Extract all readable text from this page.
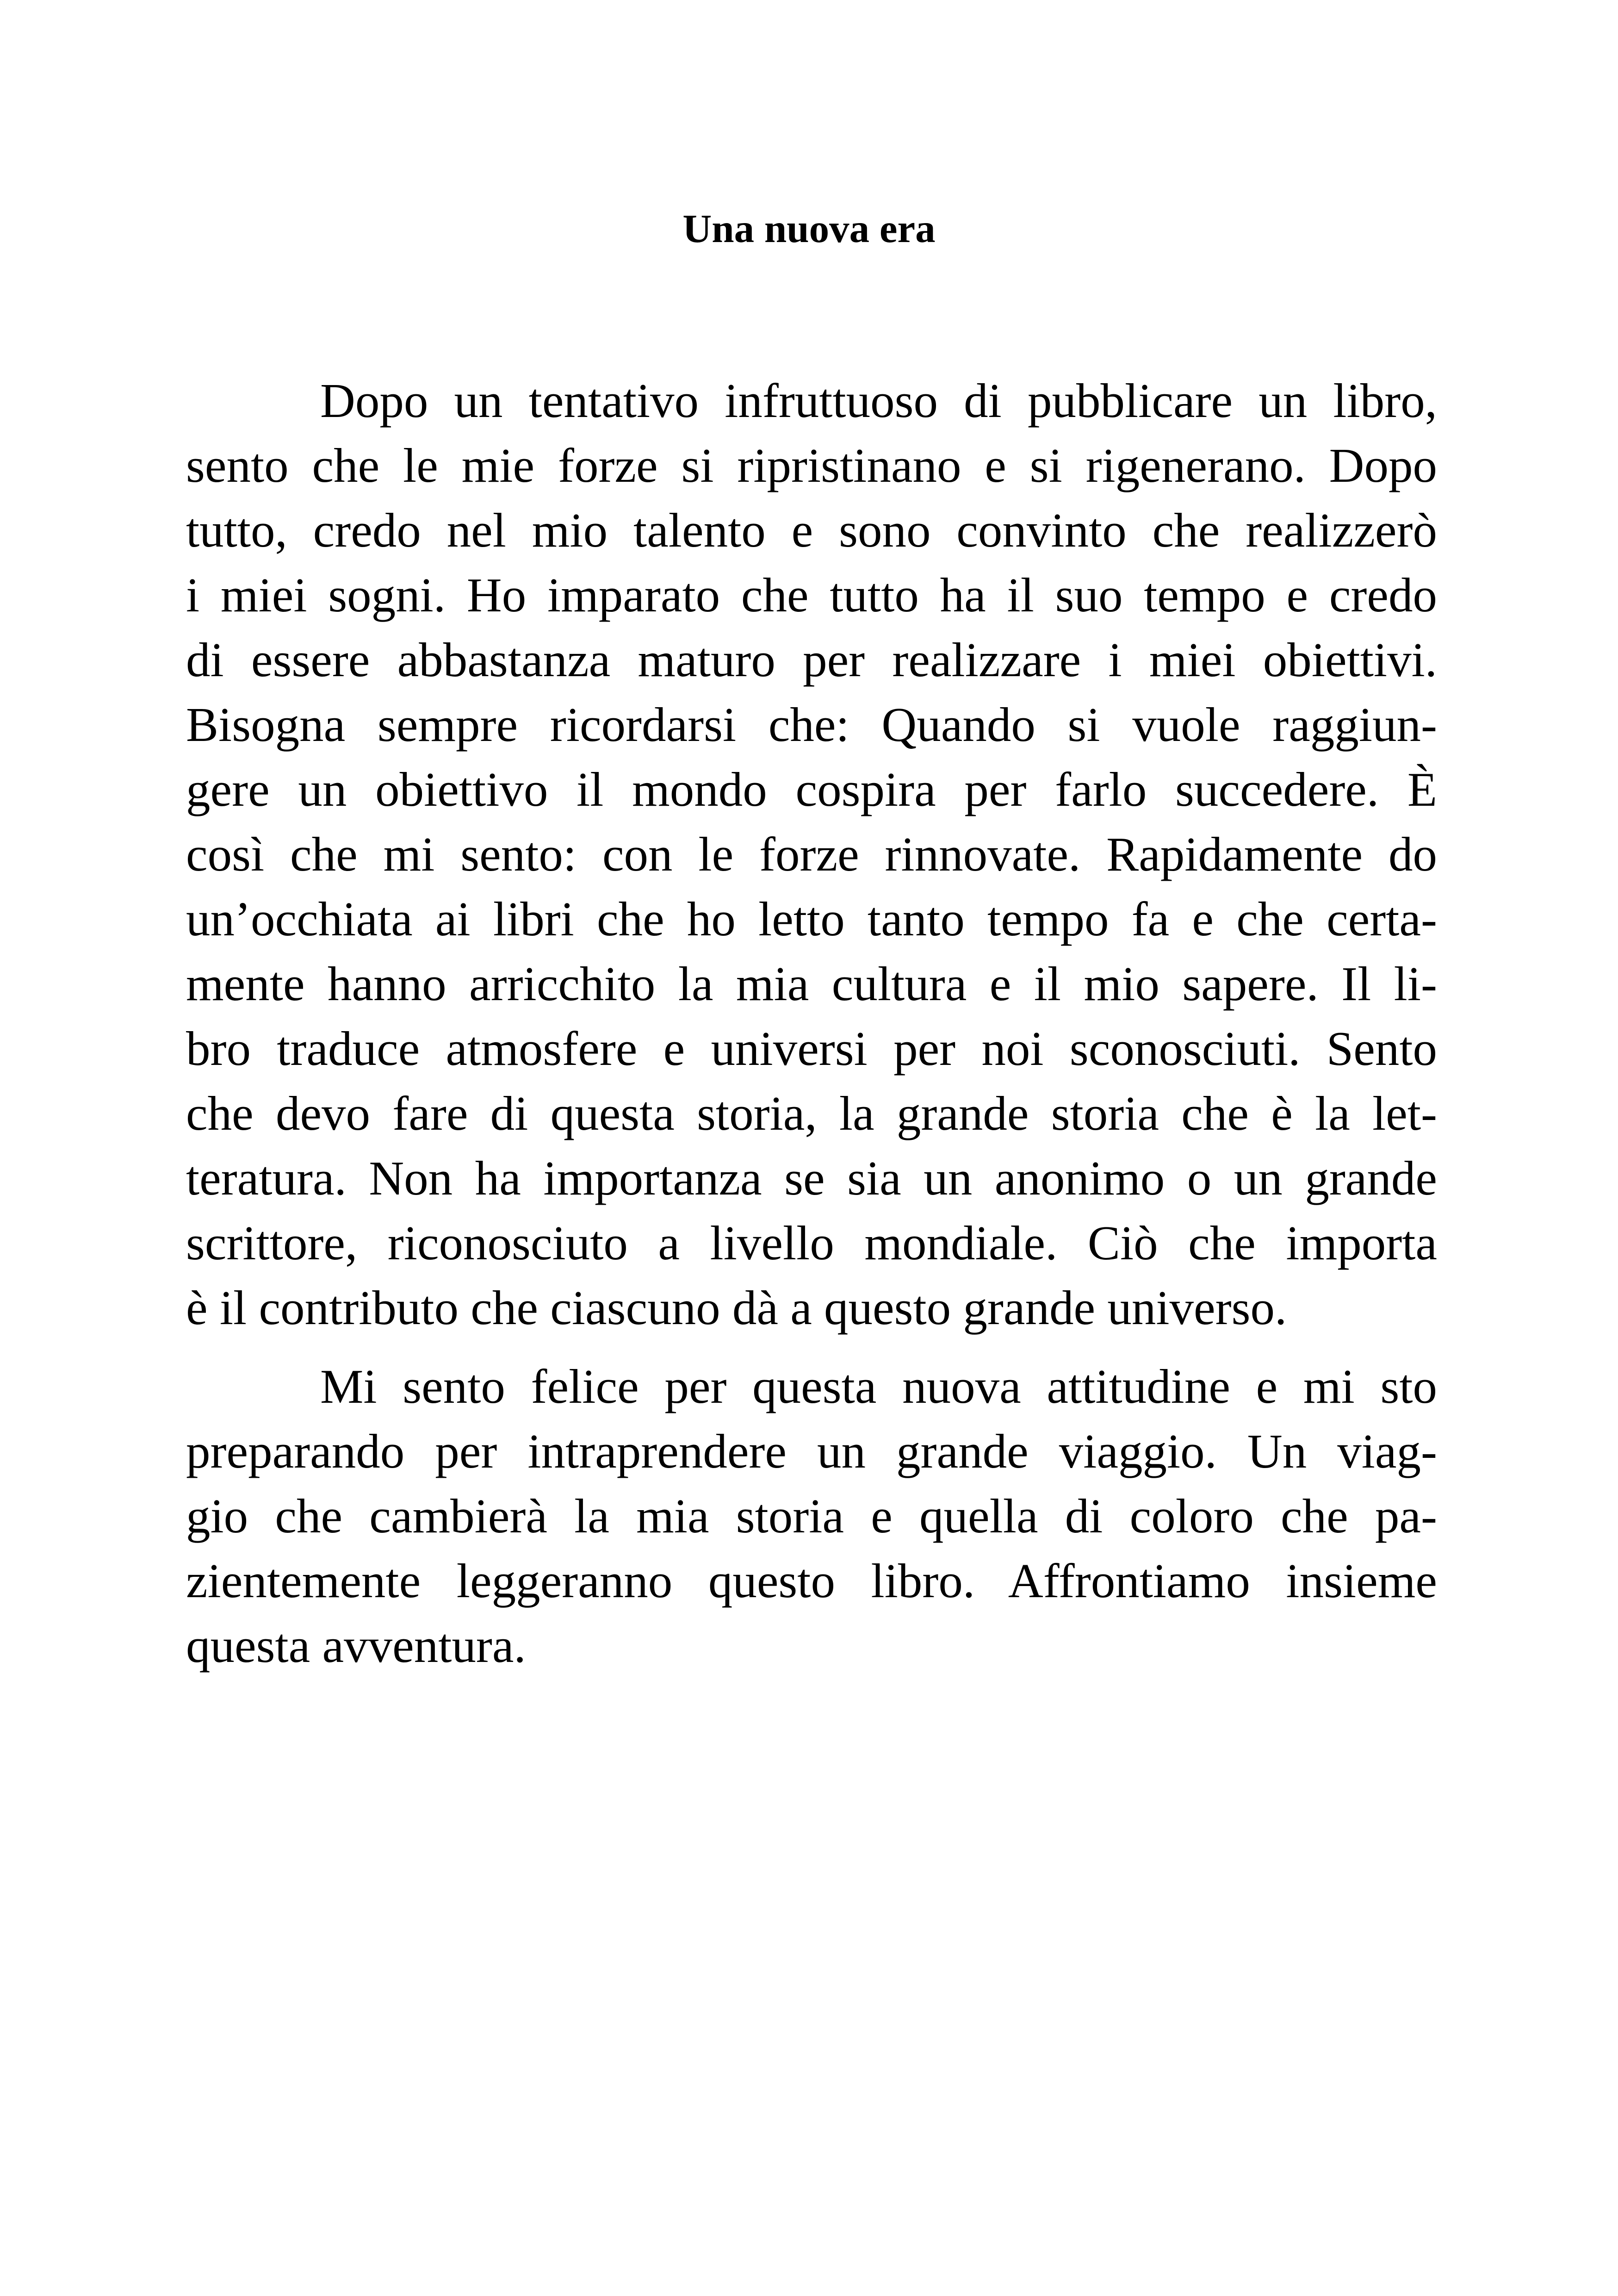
Una nuova era
Dopo un tentativo infruttuoso di pubblicare un libro,
sento che le mie forze si ripristinano e si rigenerano. Dopo
tutto, credo nel mio talento e sono convinto che realizzerò
i miei sogni. Ho imparato che tutto ha il suo tempo e credo
di essere abbastanza maturo per realizzare i miei obiettivi.
Bisogna sempre ricordarsi che: Quando si vuole raggiun-
gere un obiettivo il mondo cospira per farlo succedere. È
così che mi sento: con le forze rinnovate. Rapidamente do
un’occhiata ai libri che ho letto tanto tempo fa e che certa-
mente hanno arricchito la mia cultura e il mio sapere. Il li-
bro traduce atmosfere e universi per noi sconosciuti. Sento
che devo fare di questa storia, la grande storia che è la let-
teratura. Non ha importanza se sia un anonimo o un grande
scrittore, riconosciuto a livello mondiale. Ciò che importa
è il contributo che ciascuno dà a questo grande universo.
Mi sento felice per questa nuova attitudine e mi sto
preparando per intraprendere un grande viaggio. Un viag-
gio che cambierà la mia storia e quella di coloro che pa-
zientemente leggeranno questo libro. Affrontiamo insieme
questa avventura.
